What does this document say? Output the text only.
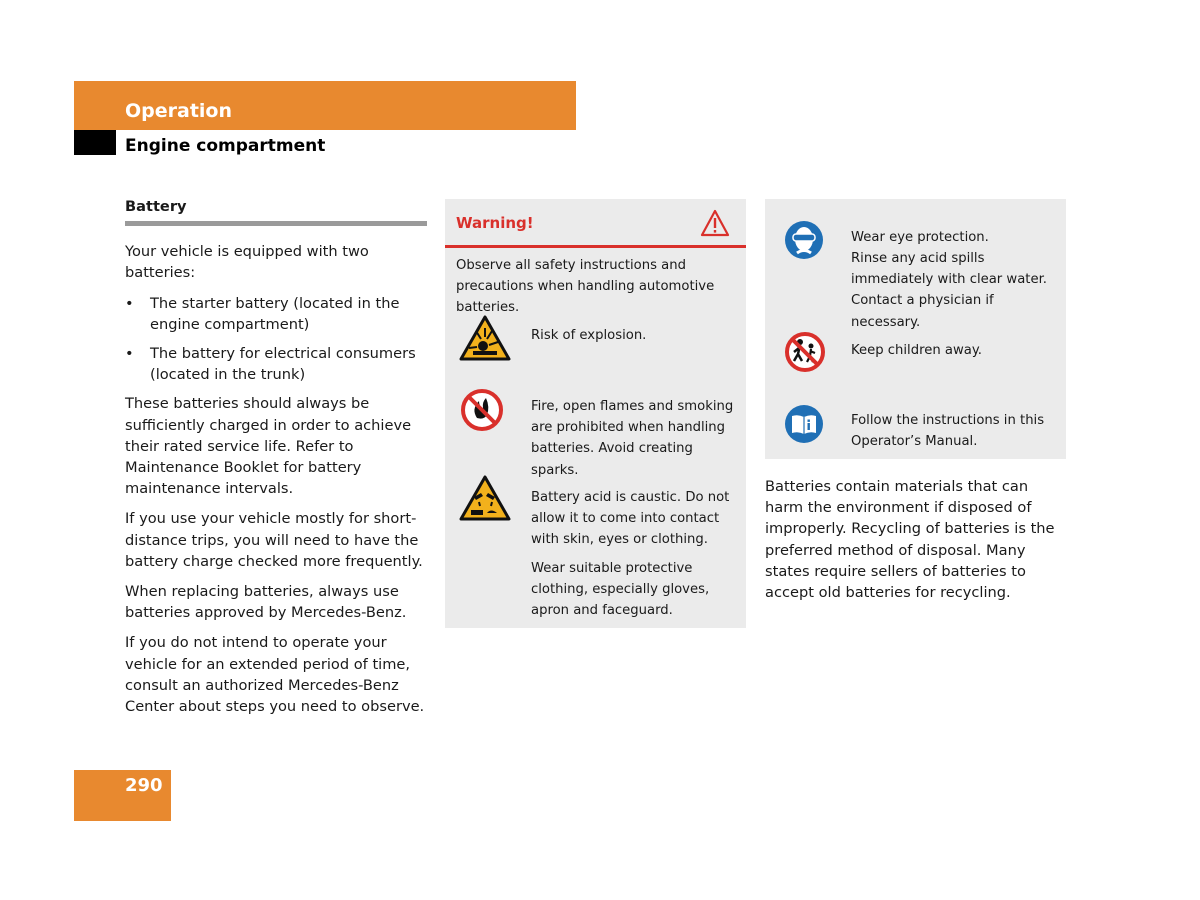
Operation
Engine compartment
Battery

Your vehicle is equipped with two batteries:

•	The starter battery (located in the engine compartment)
•	The battery for electrical consumers (located in the trunk)

These batteries should always be sufficiently charged in order to achieve their rated service life. Refer to Maintenance Booklet for battery maintenance intervals.

If you use your vehicle mostly for short-distance trips, you will need to have the battery charge checked more frequently.

When replacing batteries, always use batteries approved by Mercedes-Benz.

If you do not intend to operate your vehicle for an extended period of time, consult an authorized Mercedes-Benz Center about steps you need to observe.

Warning!
Observe all safety instructions and precautions when handling automotive batteries.
Risk of explosion.
Fire, open flames and smoking are prohibited when handling batteries. Avoid creating sparks.
Battery acid is caustic. Do not allow it to come into contact with skin, eyes or clothing.
Wear suitable protective clothing, especially gloves, apron and faceguard.
Wear eye protection.
Rinse any acid spills immediately with clear water. Contact a physician if necessary.
Keep children away.
Follow the instructions in this Operator’s Manual.
Batteries contain materials that can harm the environment if disposed of improperly. Recycling of batteries is the preferred method of disposal. Many states require sellers of batteries to accept old batteries for recycling.
290
